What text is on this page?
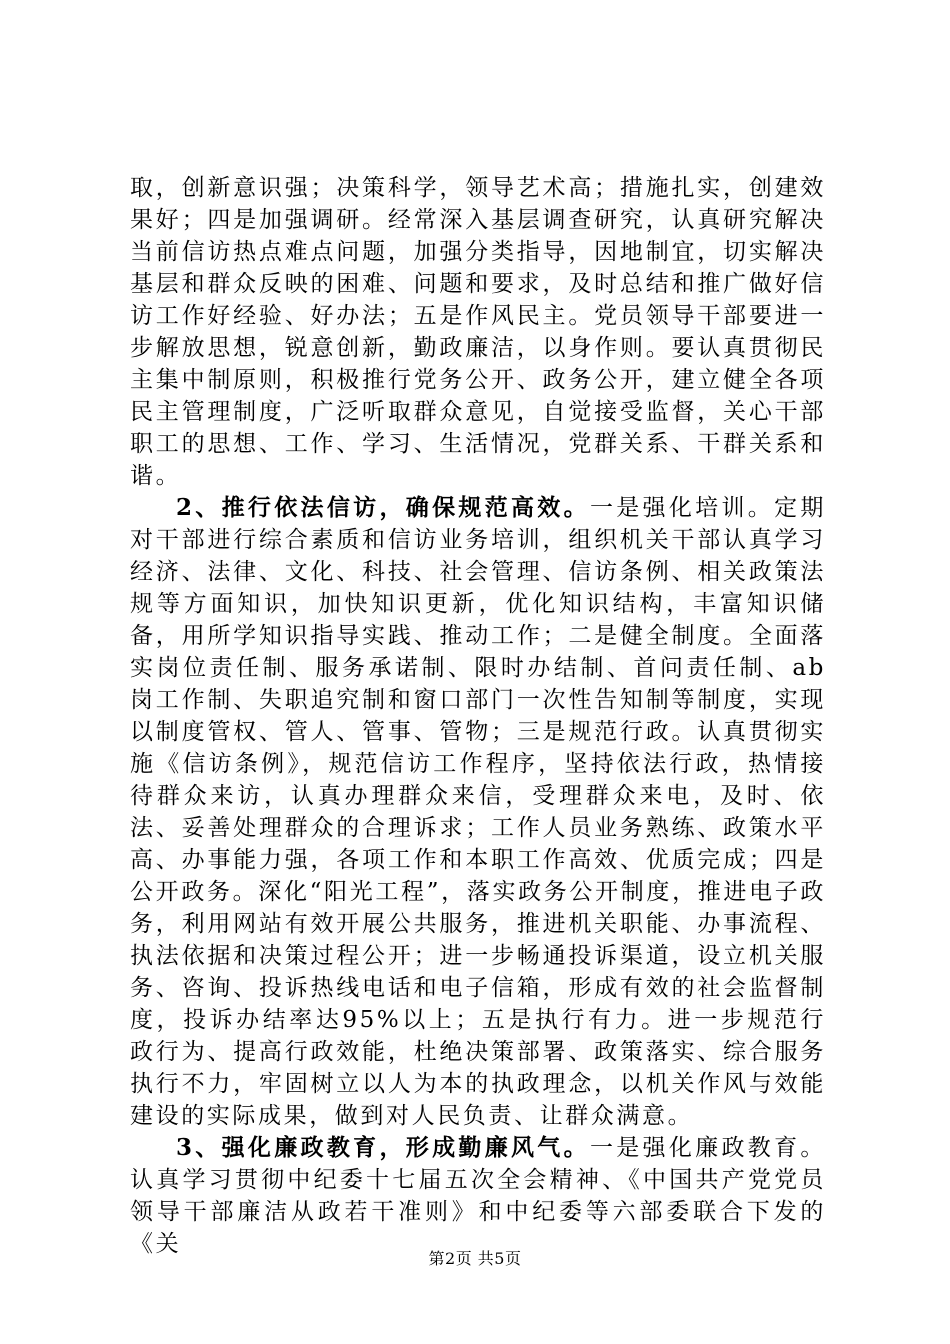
取，创新意识强；决策科学，领导艺术高；措施扎实，创建效果好；四是加强调研。经常深入基层调查研究，认真研究解决当前信访热点难点问题，加强分类指导，因地制宜，切实解决基层和群众反映的困难、问题和要求，及时总结和推广做好信访工作好经验、好办法；五是作风民主。党员领导干部要进一步解放思想，锐意创新，勤政廉洁，以身作则。要认真贯彻民主集中制原则，积极推行党务公开、政务公开，建立健全各项民主管理制度，广泛听取群众意见，自觉接受监督，关心干部职工的思想、工作、学习、生活情况，党群关系、干群关系和谐。

2、推行依法信访，确保规范高效。一是强化培训。定期对干部进行综合素质和信访业务培训，组织机关干部认真学习经济、法律、文化、科技、社会管理、信访条例、相关政策法规等方面知识，加快知识更新，优化知识结构，丰富知识储备，用所学知识指导实践、推动工作；二是健全制度。全面落实岗位责任制、服务承诺制、限时办结制、首问责任制、ab岗工作制、失职追究制和窗口部门一次性告知制等制度，实现以制度管权、管人、管事、管物；三是规范行政。认真贯彻实施《信访条例》，规范信访工作程序，坚持依法行政，热情接待群众来访，认真办理群众来信，受理群众来电，及时、依法、妥善处理群众的合理诉求；工作人员业务熟练、政策水平高、办事能力强，各项工作和本职工作高效、优质完成；四是公开政务。深化“阳光工程”，落实政务公开制度，推进电子政务，利用网站有效开展公共服务，推进机关职能、办事流程、执法依据和决策过程公开；进一步畅通投诉渠道，设立机关服务、咨询、投诉热线电话和电子信箱，形成有效的社会监督制度，投诉办结率达95%以上；五是执行有力。进一步规范行政行为、提高行政效能，杜绝决策部署、政策落实、综合服务执行不力，牢固树立以人为本的执政理念，以机关作风与效能建设的实际成果，做到对人民负责、让群众满意。

3、强化廉政教育，形成勤廉风气。一是强化廉政教育。认真学习贯彻中纪委十七届五次全会精神、《中国共产党党员领导干部廉洁从政若干准则》和中纪委等六部委联合下发的《关

第2页 共5页
